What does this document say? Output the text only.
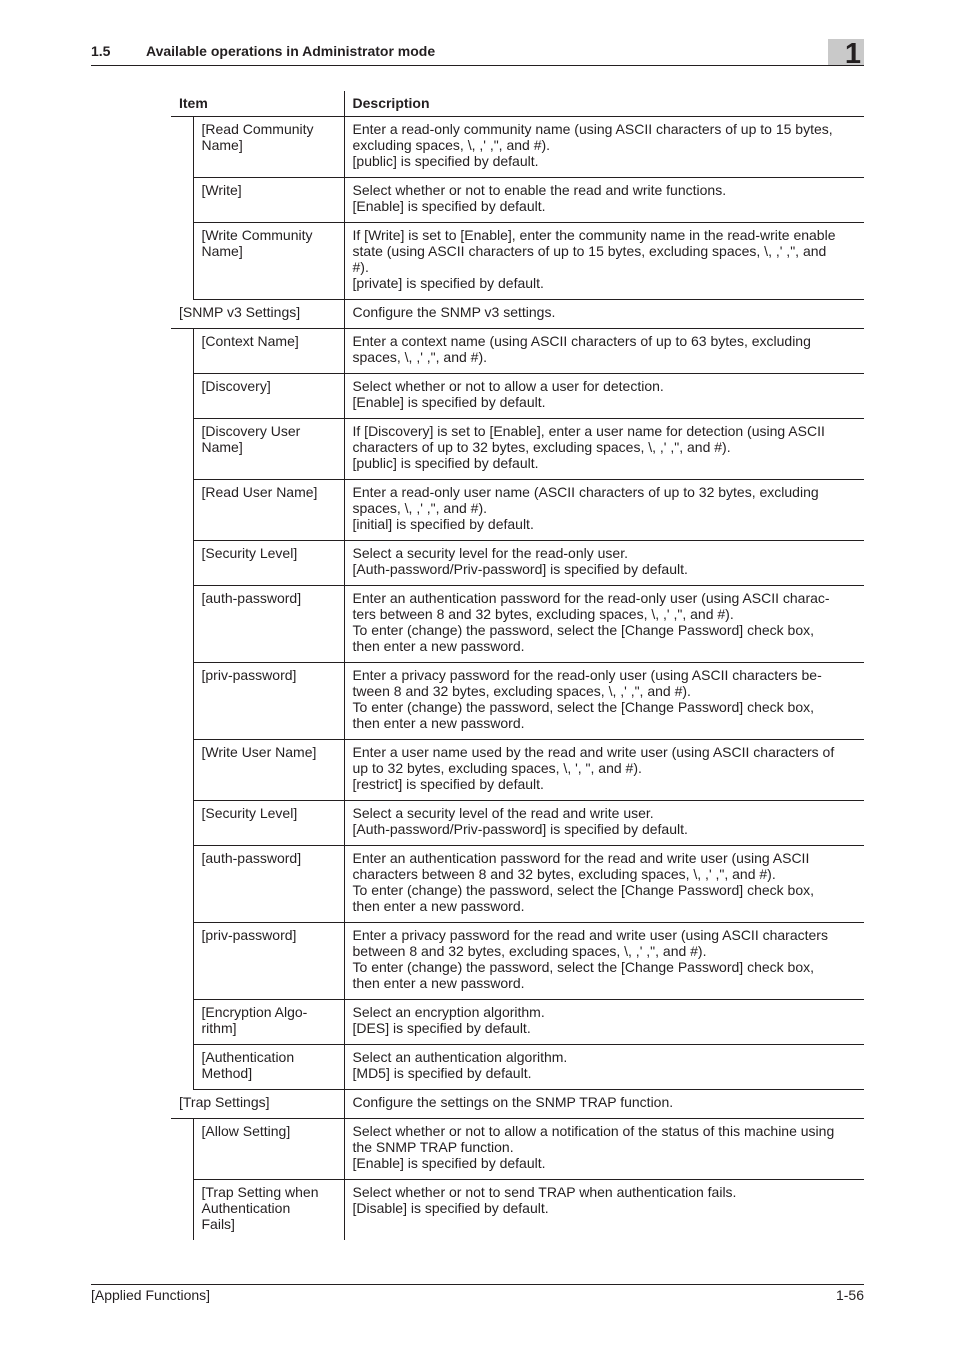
1.5	Available operations in Administrator mode	1
Item		Description

	[Read Community
Name]	Enter a read-only community name (using ASCII characters of up to 15 bytes,
excluding spaces, \, ,' ,", and #).
[public] is specified by default.

	[Write]	Select whether or not to enable the read and write functions.
[Enable] is specified by default.

	[Write Community
Name]	If [Write] is set to [Enable], enter the community name in the read-write enable
state (using ASCII characters of up to 15 bytes, excluding spaces, \, ,' ,", and
#).
[private] is specified by default.

[SNMP v3 Settings]		Configure the SNMP v3 settings.

	[Context Name]	Enter a context name (using ASCII characters of up to 63 bytes, excluding
spaces, \, ,' ,", and #).

	[Discovery]	Select whether or not to allow a user for detection.
[Enable] is specified by default.

	[Discovery User
Name]	If [Discovery] is set to [Enable], enter a user name for detection (using ASCII
characters of up to 32 bytes, excluding spaces, \, ,' ,", and #).
[public] is specified by default.

	[Read User Name]	Enter a read-only user name (ASCII characters of up to 32 bytes, excluding
spaces, \, ,' ,", and #).
[initial] is specified by default.

	[Security Level]	Select a security level for the read-only user.
[Auth-password/Priv-password] is specified by default.

	[auth-password]	Enter an authentication password for the read-only user (using ASCII charac-
ters between 8 and 32 bytes, excluding spaces, \, ,' ,", and #).
To enter (change) the password, select the [Change Password] check box,
then enter a new password.

	[priv-password]	Enter a privacy password for the read-only user (using ASCII characters be-
tween 8 and 32 bytes, excluding spaces, \, ,' ,", and #).
To enter (change) the password, select the [Change Password] check box,
then enter a new password.

	[Write User Name]	Enter a user name used by the read and write user (using ASCII characters of
up to 32 bytes, excluding spaces, \, ', ", and #).
[restrict] is specified by default.

	[Security Level]	Select a security level of the read and write user.
[Auth-password/Priv-password] is specified by default.

	[auth-password]	Enter an authentication password for the read and write user (using ASCII
characters between 8 and 32 bytes, excluding spaces, \, ,' ,", and #).
To enter (change) the password, select the [Change Password] check box,
then enter a new password.

	[priv-password]	Enter a privacy password for the read and write user (using ASCII characters
between 8 and 32 bytes, excluding spaces, \, ,' ,", and #).
To enter (change) the password, select the [Change Password] check box,
then enter a new password.

	[Encryption Algo-
rithm]	Select an encryption algorithm.
[DES] is specified by default.

	[Authentication
Method]	Select an authentication algorithm.
[MD5] is specified by default.

[Trap Settings]		Configure the settings on the SNMP TRAP function.

	[Allow Setting]	Select whether or not to allow a notification of the status of this machine using
the SNMP TRAP function.
[Enable] is specified by default.

	[Trap Setting when
Authentication
Fails]	Select whether or not to send TRAP when authentication fails.
[Disable] is specified by default.
[Applied Functions]	1-56
